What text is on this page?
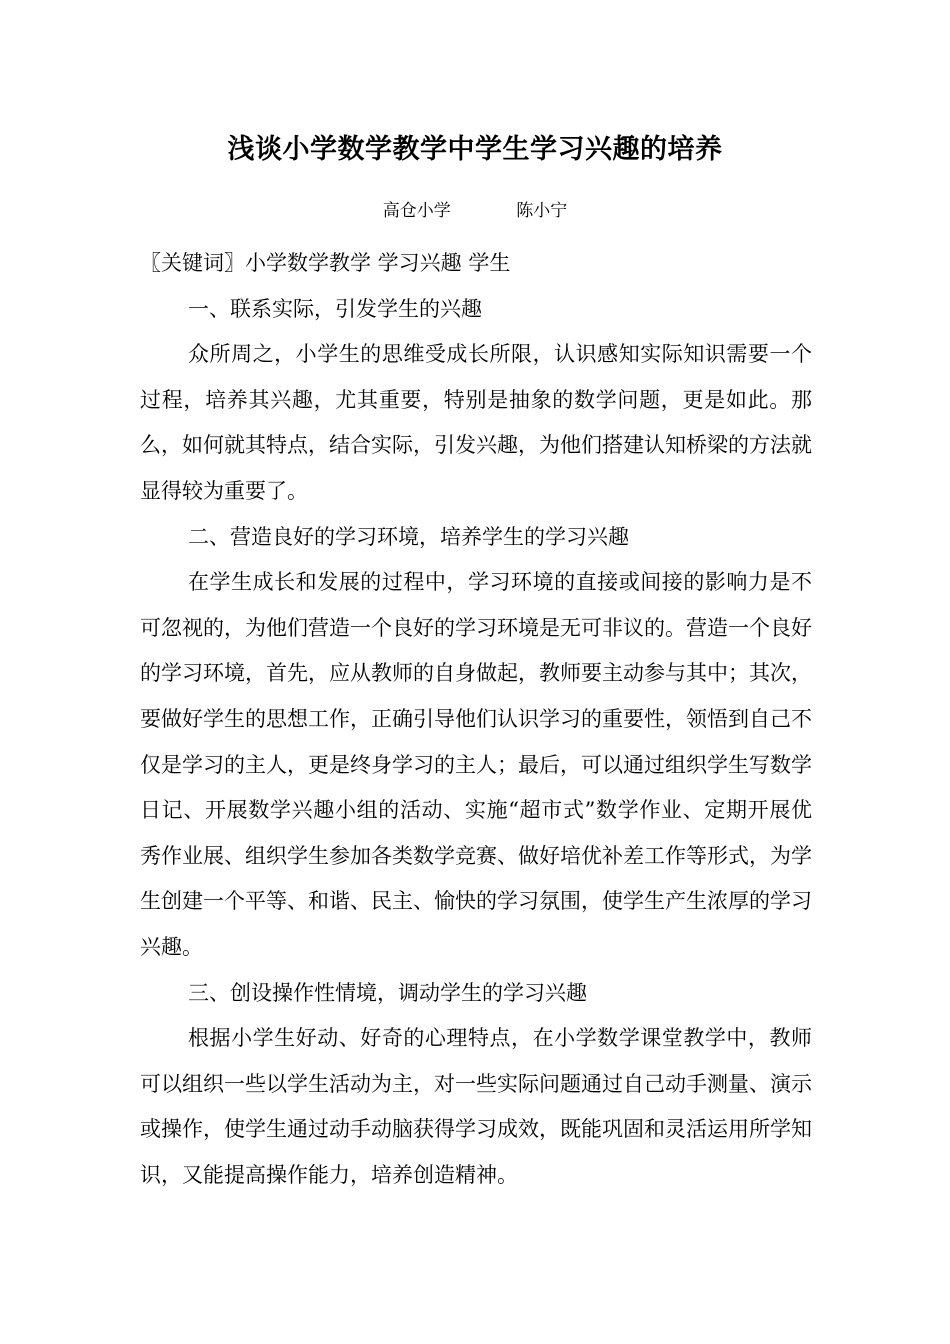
浅谈小学数学教学中学生学习兴趣的培养
高仓小学	陈小宁

〖关键词〗小学数学教学 学习兴趣 学生

一、联系实际，引发学生的兴趣

众所周之，小学生的思维受成长所限，认识感知实际知识需要一个过程，培养其兴趣，尤其重要，特别是抽象的数学问题，更是如此。那么，如何就其特点，结合实际，引发兴趣，为他们搭建认知桥梁的方法就显得较为重要了。

二、营造良好的学习环境，培养学生的学习兴趣

在学生成长和发展的过程中，学习环境的直接或间接的影响力是不可忽视的，为他们营造一个良好的学习环境是无可非议的。营造一个良好的学习环境，首先，应从教师的自身做起，教师要主动参与其中；其次，要做好学生的思想工作，正确引导他们认识学习的重要性，领悟到自己不仅是学习的主人，更是终身学习的主人；最后，可以通过组织学生写数学日记、开展数学兴趣小组的活动、实施“超市式”数学作业、定期开展优秀作业展、组织学生参加各类数学竞赛、做好培优补差工作等形式，为学生创建一个平等、和谐、民主、愉快的学习氛围，使学生产生浓厚的学习兴趣。

三、创设操作性情境，调动学生的学习兴趣

根据小学生好动、好奇的心理特点，在小学数学课堂教学中，教师可以组织一些以学生活动为主，对一些实际问题通过自己动手测量、演示或操作，使学生通过动手动脑获得学习成效，既能巩固和灵活运用所学知识，又能提高操作能力，培养创造精神。
